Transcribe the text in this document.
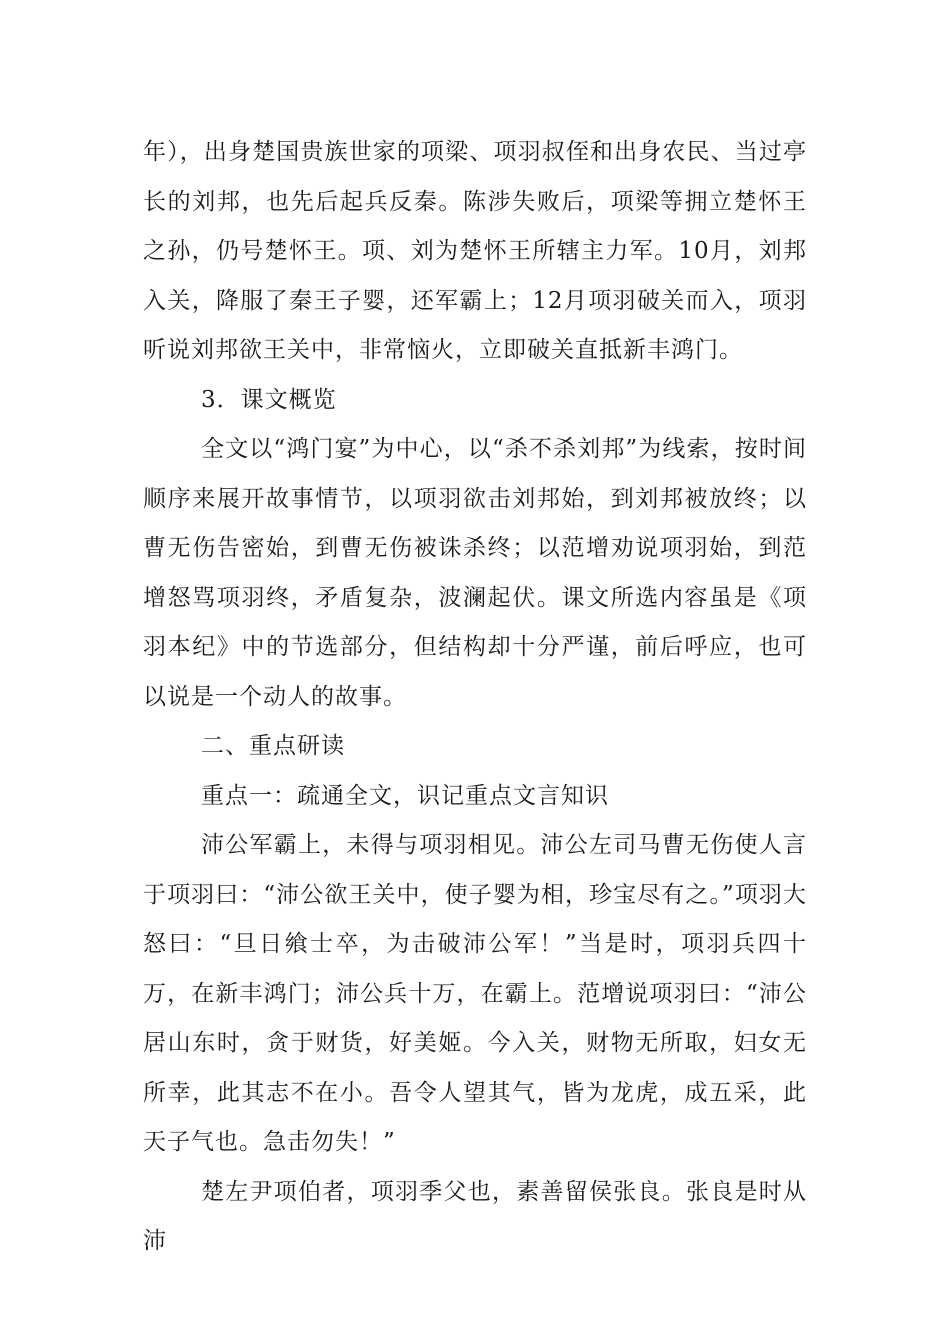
年），出身楚国贵族世家的项梁、项羽叔侄和出身农民、当过亭长的刘邦，也先后起兵反秦。陈涉失败后，项梁等拥立楚怀王之孙，仍号楚怀王。项、刘为楚怀王所辖主力军。10月，刘邦入关，降服了秦王子婴，还军霸上；12月项羽破关而入，项羽听说刘邦欲王关中，非常恼火，立即破关直抵新丰鸿门。

3．课文概览

全文以“鸿门宴”为中心，以“杀不杀刘邦”为线索，按时间顺序来展开故事情节，以项羽欲击刘邦始，到刘邦被放终；以曹无伤告密始，到曹无伤被诛杀终；以范增劝说项羽始，到范增怒骂项羽终，矛盾复杂，波澜起伏。课文所选内容虽是《项羽本纪》中的节选部分，但结构却十分严谨，前后呼应，也可以说是一个动人的故事。

二、重点研读

重点一：疏通全文，识记重点文言知识

沛公军霸上，未得与项羽相见。沛公左司马曹无伤使人言于项羽曰：“沛公欲王关中，使子婴为相，珍宝尽有之。”项羽大怒曰：“旦日飨士卒，为击破沛公军！”当是时，项羽兵四十万，在新丰鸿门；沛公兵十万，在霸上。范增说项羽曰：“沛公居山东时，贪于财货，好美姬。今入关，财物无所取，妇女无所幸，此其志不在小。吾令人望其气，皆为龙虎，成五采，此天子气也。急击勿失！”

楚左尹项伯者，项羽季父也，素善留侯张良。张良是时从沛
